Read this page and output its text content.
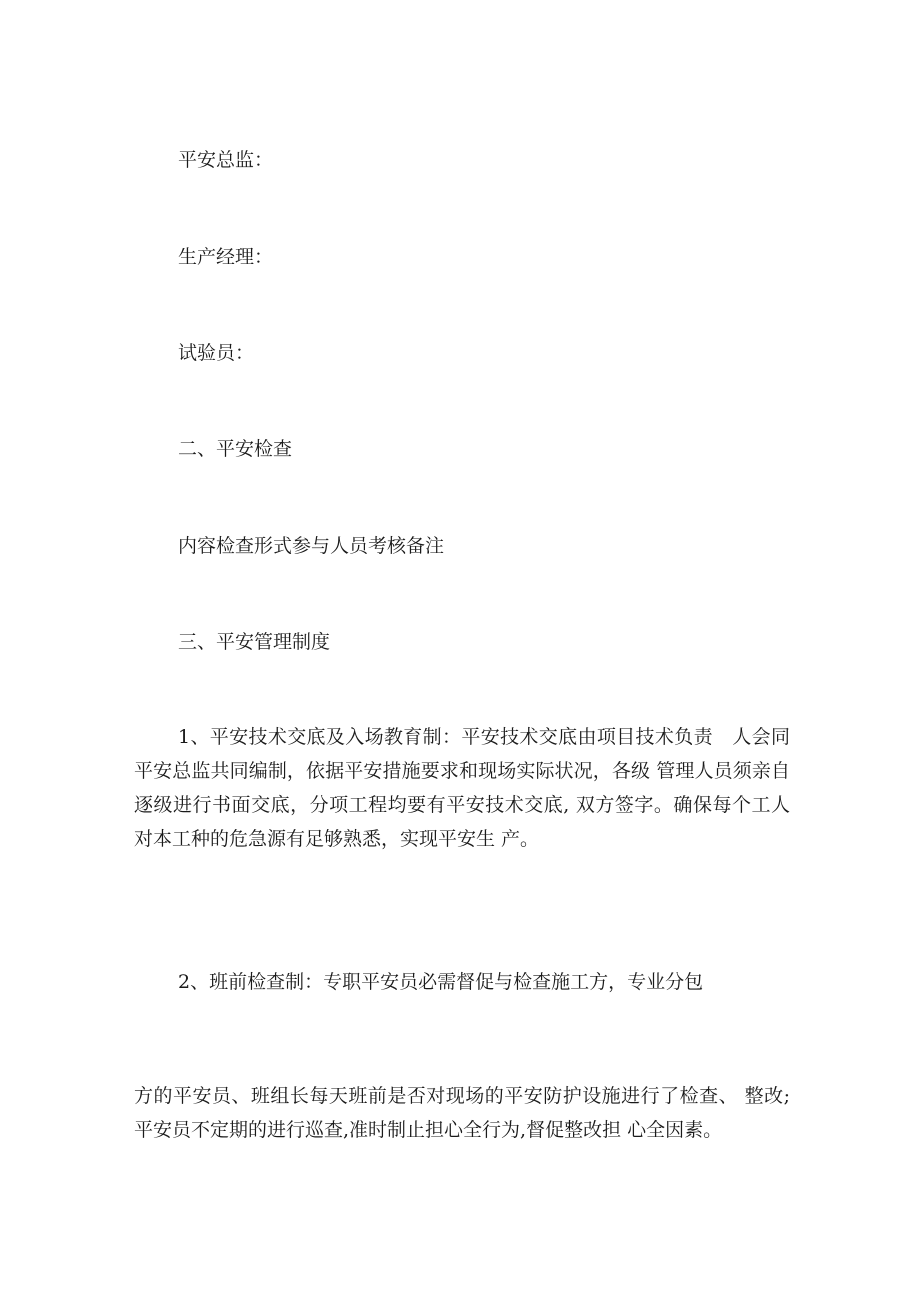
平安总监：
生产经理：
试验员：
二、平安检查
内容检查形式参与人员考核备注
三、平安管理制度

1、平安技术交底及入场教育制：平安技术交底由项目技术负责　人会同平安总监共同编制，依据平安措施要求和现场实际状况，各级 管理人员须亲自逐级进行书面交底，分项工程均要有平安技术交底, 双方签字。确保每个工人对本工种的危急源有足够熟悉，实现平安生 产。

2、班前检查制：专职平安员必需督促与检查施工方，专业分包

方的平安员、班组长每天班前是否对现场的平安防护设施进行了检查、 整改;平安员不定期的进行巡查,准时制止担心全行为,督促整改担 心全因素。
